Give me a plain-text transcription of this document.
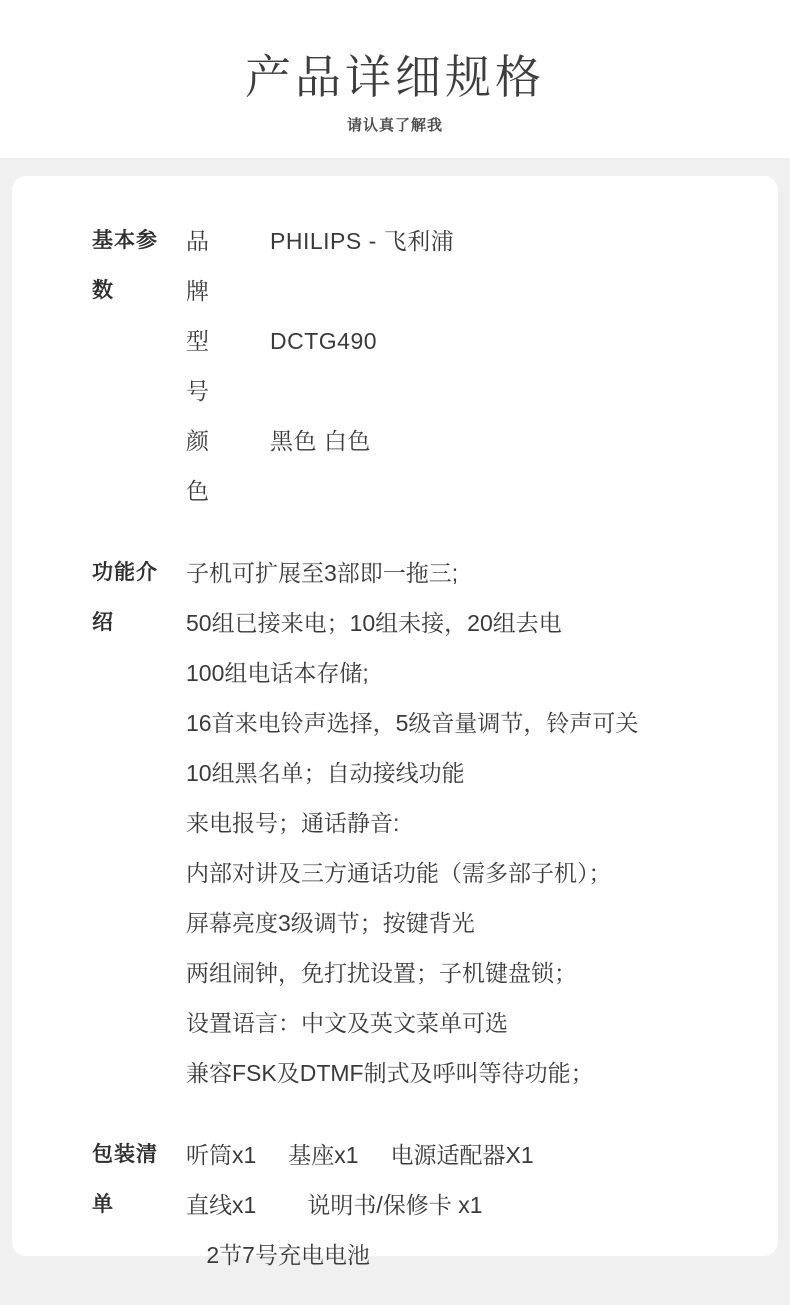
产品详细规格
请认真了解我
基本参数
品　牌
PHILIPS - 飞利浦
型　号
DCTG490
颜　色
黑色 白色
功能介绍
子机可扩展至3部即一拖三;
50组已接来电；10组未接，20组去电
100组电话本存储;
16首来电铃声选择，5级音量调节，铃声可关
10组黑名单；自动接线功能
来电报号；通话静音:
内部对讲及三方通话功能（需多部子机）；
屏幕亮度3级调节；按键背光
两组闹钟，免打扰设置；子机键盘锁；
设置语言：中文及英文菜单可选
兼容FSK及DTMF制式及呼叫等待功能；
包装清单
听筒x1     基座x1     电源适配器X1
直线x1        说明书/保修卡 x1
2节7号充电电池
